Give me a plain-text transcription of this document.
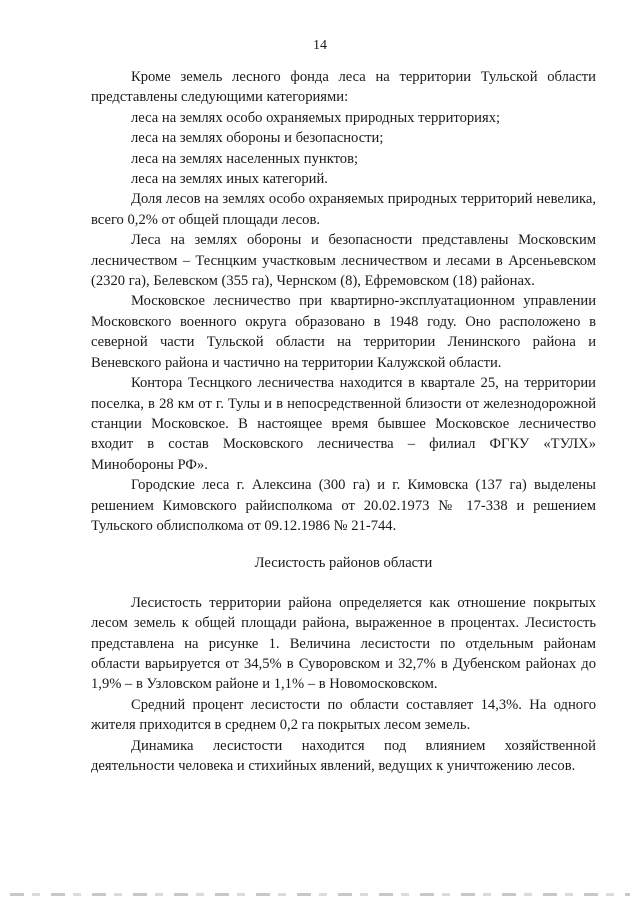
14

Кроме земель лесного фонда леса на территории Тульской области представлены следующими категориями:

леса на землях особо охраняемых природных территориях;

леса на землях обороны и безопасности;

леса на землях населенных пунктов;

леса на землях иных категорий.

Доля лесов на землях особо охраняемых природных территорий невелика, всего 0,2% от общей площади лесов.

Леса на землях обороны и безопасности представлены Московским лесничеством – Теснцким участковым лесничеством и лесами в Арсеньевском (2320 га), Белевском (355 га), Чернском (8), Ефремовском (18) районах.

Московское лесничество при квартирно-эксплуатационном управлении Московского военного округа образовано в 1948 году. Оно расположено в северной части Тульской области на территории Ленинского района и Веневского района и частично на территории Калужской области.

Контора Теснцкого лесничества находится в квартале 25, на территории поселка, в 28 км от г. Тулы и в непосредственной близости от железнодорожной станции Московское. В настоящее время бывшее Московское лесничество входит в состав Московского лесничества – филиал ФГКУ «ТУЛХ» Минобороны РФ».

Городские леса г. Алексина (300 га) и г. Кимовска (137 га) выделены решением Кимовского райисполкома от 20.02.1973 № 17-338 и решением Тульского облисполкома от 09.12.1986 № 21-744.

Лесистость районов области

Лесистость территории района определяется как отношение покрытых лесом земель к общей площади района, выраженное в процентах. Лесистость представлена на рисунке 1. Величина лесистости по отдельным районам области варьируется от 34,5% в Суворовском и 32,7% в Дубенском районах до 1,9% – в Узловском районе и 1,1% – в Новомосковском.

Средний процент лесистости по области составляет 14,3%. На одного жителя приходится в среднем 0,2 га покрытых лесом земель.

Динамика лесистости находится под влиянием хозяйственной деятельности человека и стихийных явлений, ведущих к уничтожению лесов.
